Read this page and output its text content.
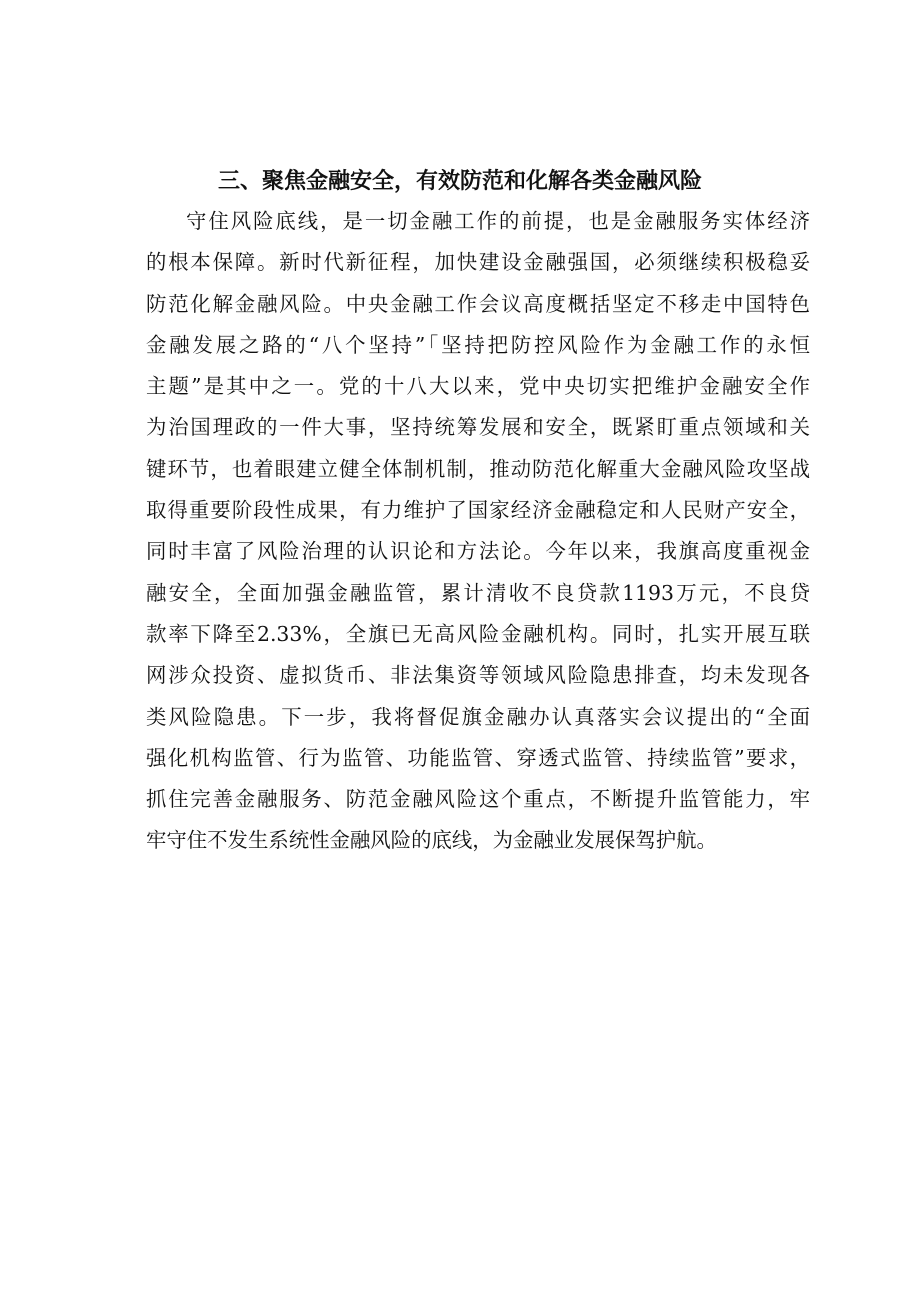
三、聚焦金融安全，有效防范和化解各类金融风险
守住风险底线，是一切金融工作的前提，也是金融服务实体经济
的根本保障。新时代新征程，加快建设金融强国，必须继续积极稳妥
防范化解金融风险。中央金融工作会议高度概括坚定不移走中国特色
金融发展之路的“八个坚持”「坚持把防控风险作为金融工作的永恒
主题”是其中之一。党的十八大以来，党中央切实把维护金融安全作
为治国理政的一件大事，坚持统筹发展和安全，既紧盯重点领域和关
键环节，也着眼建立健全体制机制，推动防范化解重大金融风险攻坚战
取得重要阶段性成果，有力维护了国家经济金融稳定和人民财产安全，
同时丰富了风险治理的认识论和方法论。今年以来，我旗高度重视金
融安全，全面加强金融监管，累计清收不良贷款1193万元，不良贷
款率下降至2.33%，全旗已无高风险金融机构。同时，扎实开展互联
网涉众投资、虚拟货币、非法集资等领域风险隐患排查，均未发现各
类风险隐患。下一步，我将督促旗金融办认真落实会议提出的“全面
强化机构监管、行为监管、功能监管、穿透式监管、持续监管”要求，
抓住完善金融服务、防范金融风险这个重点，不断提升监管能力，牢
牢守住不发生系统性金融风险的底线，为金融业发展保驾护航。
